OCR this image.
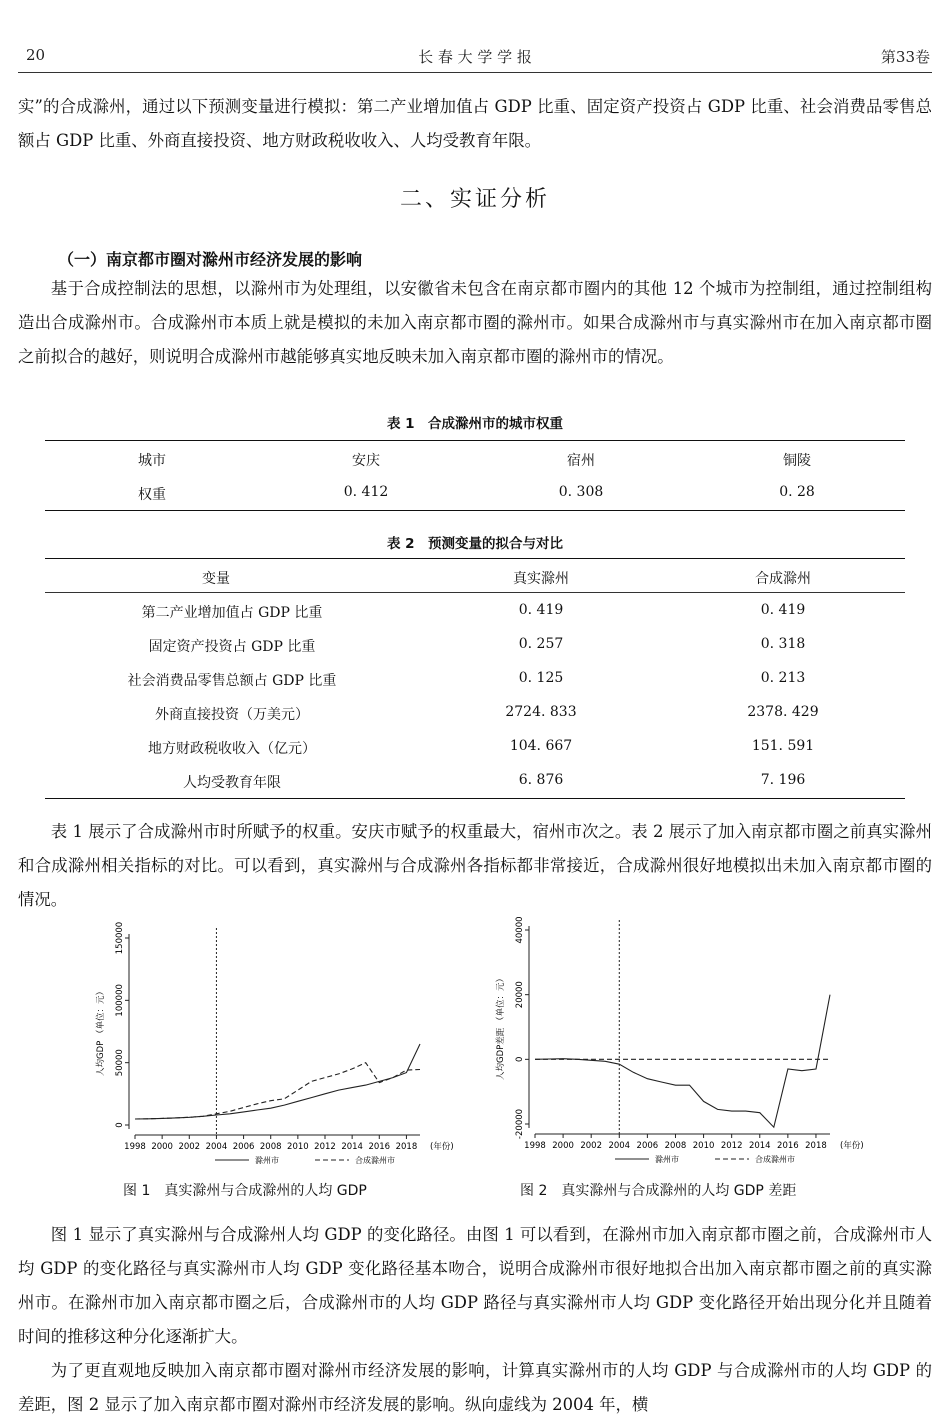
20	长 春 大 学 学 报	第33卷

实”的合成滁州，通过以下预测变量进行模拟：第二产业增加值占 GDP 比重、固定资产投资占 GDP 比重、社会消费品零售总额占 GDP 比重、外商直接投资、地方财政税收收入、人均受教育年限。

二、实证分析
（一）南京都市圈对滁州市经济发展的影响

基于合成控制法的思想，以滁州市为处理组，以安徽省未包含在南京都市圈内的其他 12 个城市为控制组，通过控制组构造出合成滁州市。合成滁州市本质上就是模拟的未加入南京都市圈的滁州市。如果合成滁州市与真实滁州市在加入南京都市圈之前拟合的越好，则说明合成滁州市越能够真实地反映未加入南京都市圈的滁州市的情况。

表 1　合成滁州市的城市权重
城市	安庆	宿州	铜陵
权重	0. 412	0. 308	0. 28
表 2　预测变量的拟合与对比
变量	真实滁州	合成滁州
第二产业增加值占 GDP 比重	0. 419	0. 419
固定资产投资占 GDP 比重	0. 257	0. 318
社会消费品零售总额占 GDP 比重	0. 125	0. 213
外商直接投资（万美元）	2724. 833	2378. 429
地方财政税收收入（亿元）	104. 667	151. 591
人均受教育年限	6. 876	7. 196

表 1 展示了合成滁州市时所赋予的权重。安庆市赋予的权重最大，宿州市次之。表 2 展示了加入南京都市圈之前真实滁州和合成滁州相关指标的对比。可以看到，真实滁州与合成滁州各指标都非常接近，合成滁州很好地模拟出未加入南京都市圈的情况。

0
50000
100000
150000
1998 2000 2002 2004 2006 2008 2010 2012 2014 2016 2018 (年份)
人均GDP （单位：元）
滁州市	合成滁州市
-20000
0
20000
40000
1998 2000 2002 2004 2006 2008 2010 2012 2014 2016 2018 (年份)
人均GDP差距 （单位：元）
滁州市	合成滁州市
图 1　真实滁州与合成滁州的人均 GDP	图 2　真实滁州与合成滁州的人均 GDP 差距

图 1 显示了真实滁州与合成滁州人均 GDP 的变化路径。由图 1 可以看到，在滁州市加入南京都市圈之前，合成滁州市人均 GDP 的变化路径与真实滁州市人均 GDP 变化路径基本吻合，说明合成滁州市很好地拟合出加入南京都市圈之前的真实滁州市。在滁州市加入南京都市圈之后，合成滁州市的人均 GDP 路径与真实滁州市人均 GDP 变化路径开始出现分化并且随着时间的推移这种分化逐渐扩大。

为了更直观地反映加入南京都市圈对滁州市经济发展的影响，计算真实滁州市的人均 GDP 与合成滁州市的人均 GDP 的差距，图 2 显示了加入南京都市圈对滁州市经济发展的影响。纵向虚线为 2004 年，横
